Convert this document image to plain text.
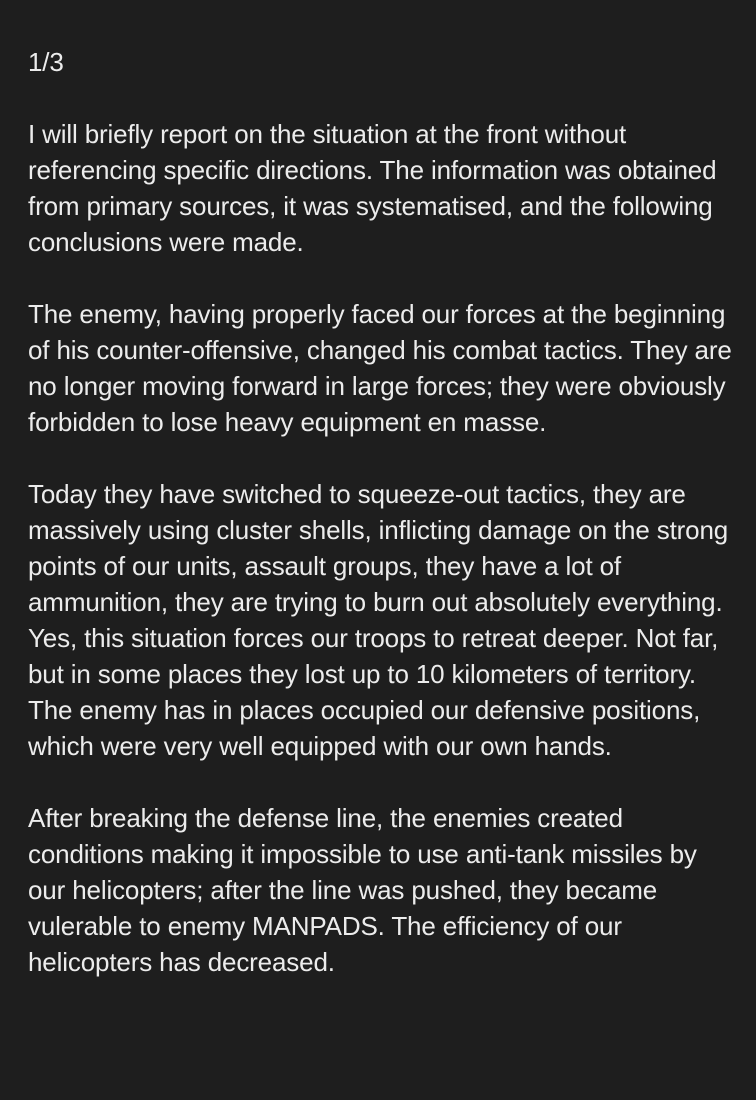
1/3

I will briefly report on the situation at the front without referencing specific directions. The information was obtained from primary sources, it was systematised, and the following conclusions were made.

The enemy, having properly faced our forces at the beginning of his counter-offensive, changed his combat tactics. They are no longer moving forward in large forces; they were obviously forbidden to lose heavy equipment en masse.

Today they have switched to squeeze-out tactics, they are massively using cluster shells, inflicting damage on the strong points of our units, assault groups, they have a lot of ammunition, they are trying to burn out absolutely everything. Yes, this situation forces our troops to retreat deeper. Not far, but in some places they lost up to 10 kilometers of territory. The enemy has in places occupied our defensive positions, which were very well equipped with our own hands.

After breaking the defense line, the enemies created conditions making it impossible to use anti-tank missiles by our helicopters; after the line was pushed, they became vulerable to enemy MANPADS. The efficiency of our helicopters has decreased.
